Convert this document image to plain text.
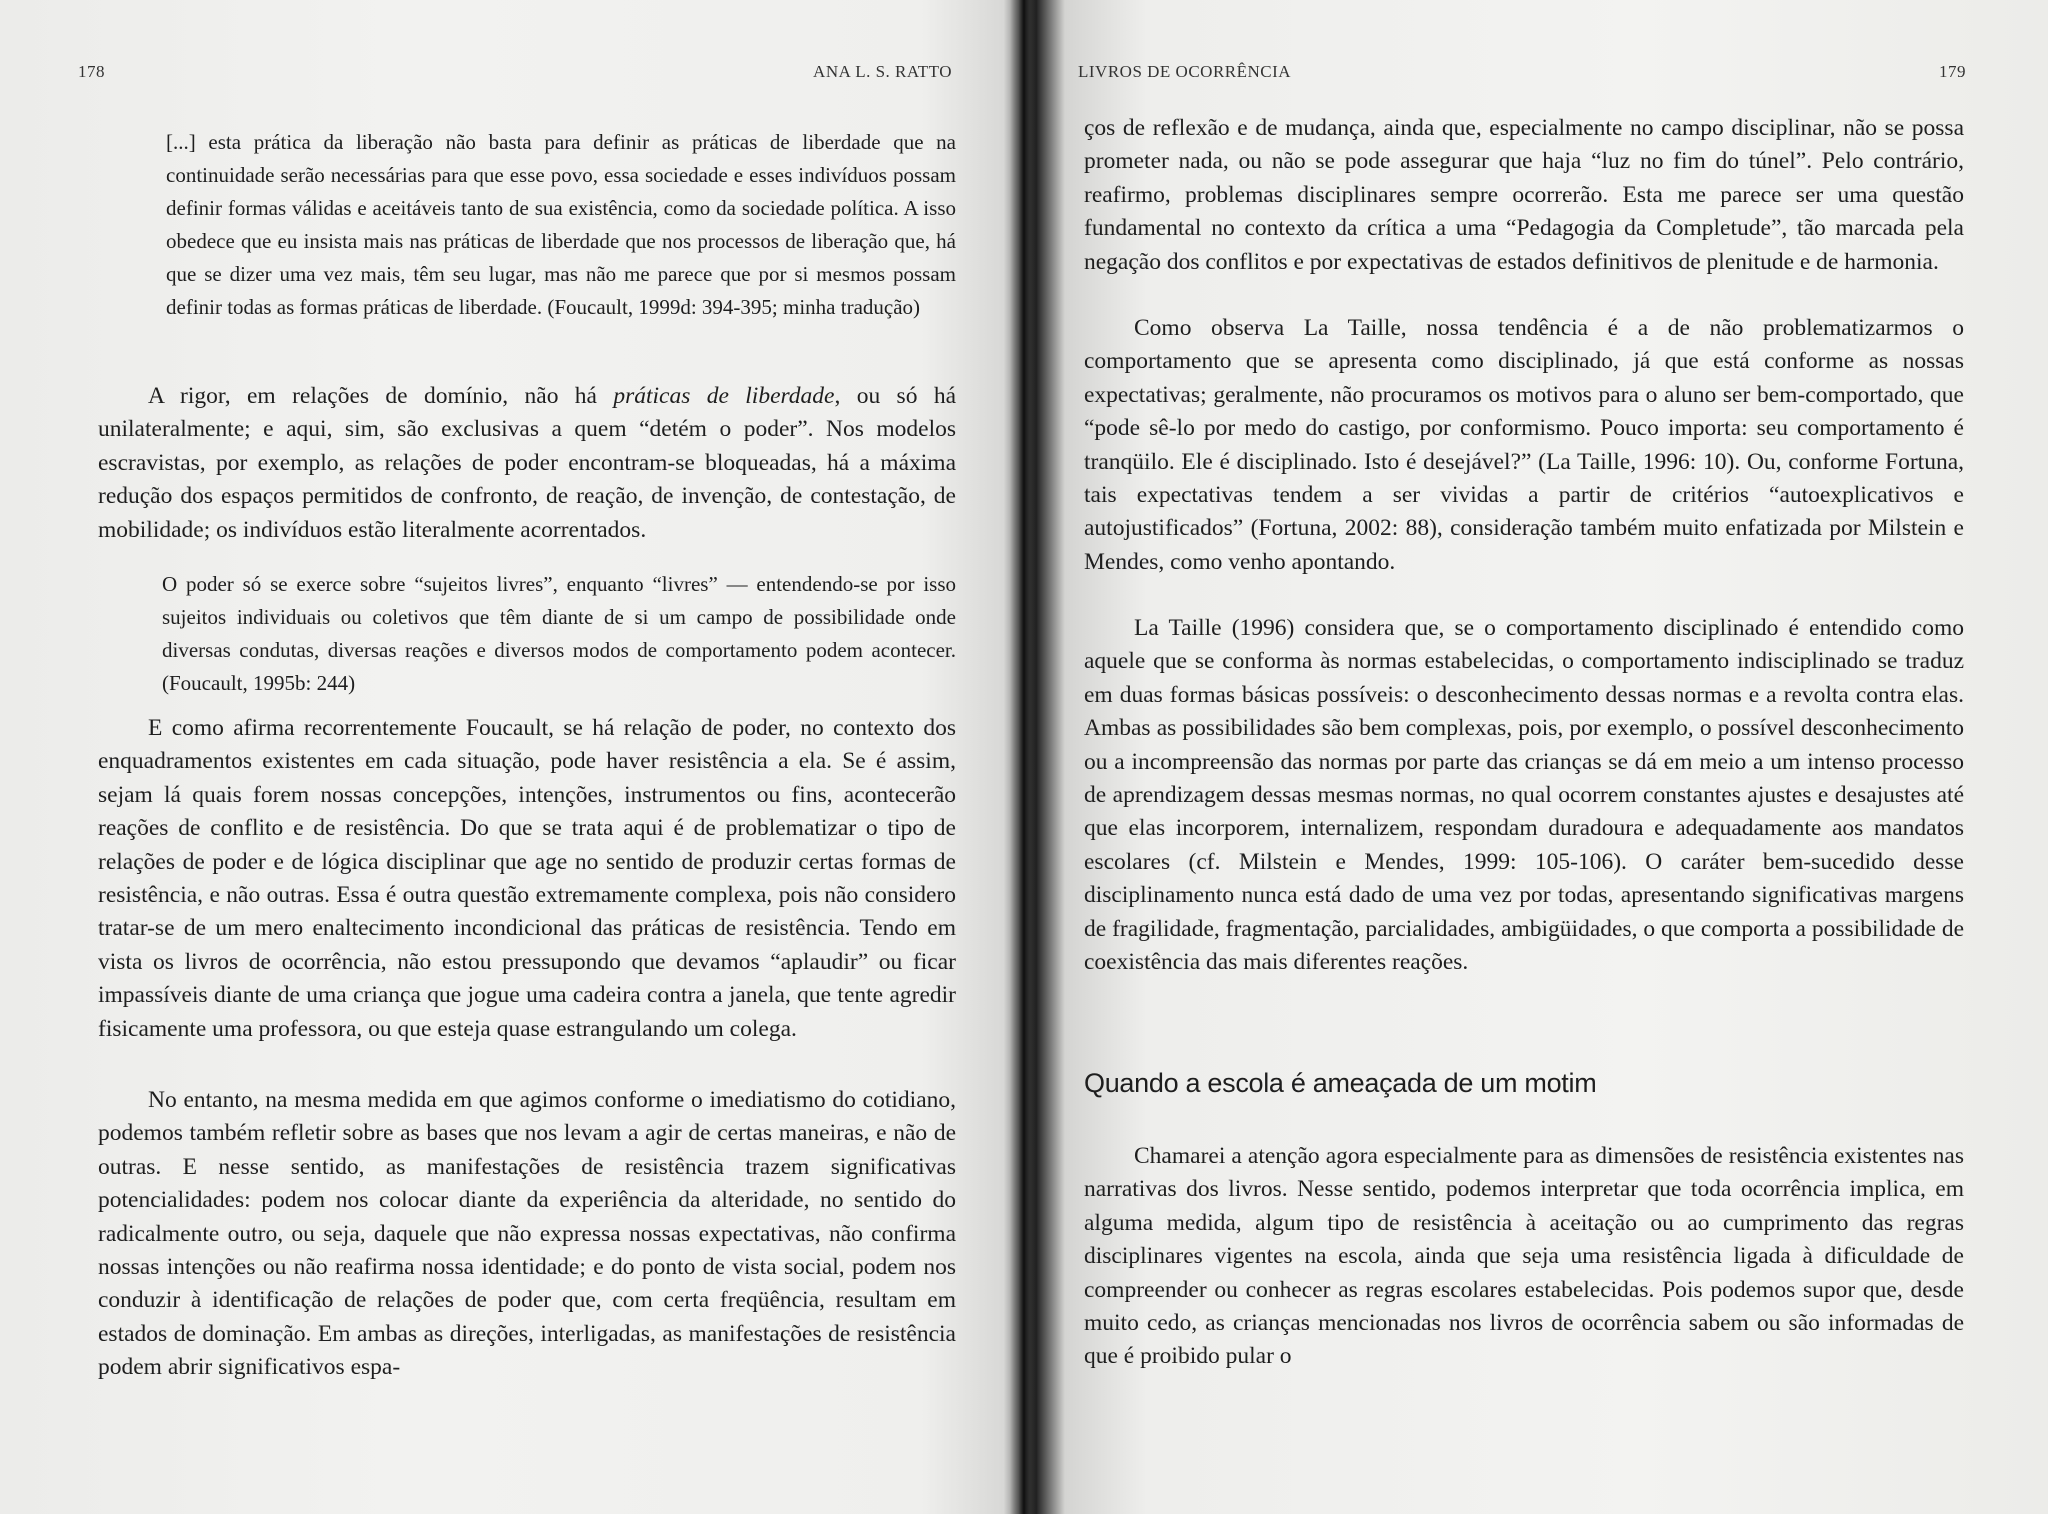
178	ANA L. S. RATTO

[...] esta prática da liberação não basta para definir as práticas de liberdade que na continuidade serão necessárias para que esse povo, essa sociedade e esses indivíduos possam definir formas válidas e aceitáveis tanto de sua existência, como da sociedade política. A isso obedece que eu insista mais nas práticas de liberdade que nos processos de liberação que, há que se dizer uma vez mais, têm seu lugar, mas não me parece que por si mesmos possam definir todas as formas práticas de liberdade. (Foucault, 1999d: 394-395; minha tradução)

A rigor, em relações de domínio, não há práticas de liberdade, ou só há unilateralmente; e aqui, sim, são exclusivas a quem “detém o poder”. Nos modelos escravistas, por exemplo, as relações de poder encontram-se bloqueadas, há a máxima redução dos espaços permitidos de confronto, de reação, de invenção, de contestação, de mobilidade; os indivíduos estão literalmente acorrentados.

O poder só se exerce sobre “sujeitos livres”, enquanto “livres” — entendendo-se por isso sujeitos individuais ou coletivos que têm diante de si um campo de possibilidade onde diversas condutas, diversas reações e diversos modos de comportamento podem acontecer. (Foucault, 1995b: 244)

E como afirma recorrentemente Foucault, se há relação de poder, no contexto dos enquadramentos existentes em cada situação, pode haver resistência a ela. Se é assim, sejam lá quais forem nossas concepções, intenções, instrumentos ou fins, acontecerão reações de conflito e de resistência. Do que se trata aqui é de problematizar o tipo de relações de poder e de lógica disciplinar que age no sentido de produzir certas formas de resistência, e não outras. Essa é outra questão extremamente complexa, pois não considero tratar-se de um mero enaltecimento incondicional das práticas de resistência. Tendo em vista os livros de ocorrência, não estou pressupondo que devamos “aplaudir” ou ficar impassíveis diante de uma criança que jogue uma cadeira contra a janela, que tente agredir fisicamente uma professora, ou que esteja quase estrangulando um colega.

No entanto, na mesma medida em que agimos conforme o imediatismo do cotidiano, podemos também refletir sobre as bases que nos levam a agir de certas maneiras, e não de outras. E nesse sentido, as manifestações de resistência trazem significativas potencialidades: podem nos colocar diante da experiência da alteridade, no sentido do radicalmente outro, ou seja, daquele que não expressa nossas expectativas, não confirma nossas intenções ou não reafirma nossa identidade; e do ponto de vista social, podem nos conduzir à identificação de relações de poder que, com certa freqüência, resultam em estados de dominação. Em ambas as direções, interligadas, as manifestações de resistência podem abrir significativos espa-

LIVROS DE OCORRÊNCIA	179

ços de reflexão e de mudança, ainda que, especialmente no campo disciplinar, não se possa prometer nada, ou não se pode assegurar que haja “luz no fim do túnel”. Pelo contrário, reafirmo, problemas disciplinares sempre ocorrerão. Esta me parece ser uma questão fundamental no contexto da crítica a uma “Pedagogia da Completude”, tão marcada pela negação dos conflitos e por expectativas de estados definitivos de plenitude e de harmonia.

Como observa La Taille, nossa tendência é a de não problematizarmos o comportamento que se apresenta como disciplinado, já que está conforme as nossas expectativas; geralmente, não procuramos os motivos para o aluno ser bem-comportado, que “pode sê-lo por medo do castigo, por conformismo. Pouco importa: seu comportamento é tranqüilo. Ele é disciplinado. Isto é desejável?” (La Taille, 1996: 10). Ou, conforme Fortuna, tais expectativas tendem a ser vividas a partir de critérios “autoexplicativos e autojustificados” (Fortuna, 2002: 88), consideração também muito enfatizada por Milstein e Mendes, como venho apontando.

La Taille (1996) considera que, se o comportamento disciplinado é entendido como aquele que se conforma às normas estabelecidas, o comportamento indisciplinado se traduz em duas formas básicas possíveis: o desconhecimento dessas normas e a revolta contra elas. Ambas as possibilidades são bem complexas, pois, por exemplo, o possível desconhecimento ou a incompreensão das normas por parte das crianças se dá em meio a um intenso processo de aprendizagem dessas mesmas normas, no qual ocorrem constantes ajustes e desajustes até que elas incorporem, internalizem, respondam duradoura e adequadamente aos mandatos escolares (cf. Milstein e Mendes, 1999: 105-106). O caráter bem-sucedido desse disciplinamento nunca está dado de uma vez por todas, apresentando significativas margens de fragilidade, fragmentação, parcialidades, ambigüidades, o que comporta a possibilidade de coexistência das mais diferentes reações.

Quando a escola é ameaçada de um motim

Chamarei a atenção agora especialmente para as dimensões de resistência existentes nas narrativas dos livros. Nesse sentido, podemos interpretar que toda ocorrência implica, em alguma medida, algum tipo de resistência à aceitação ou ao cumprimento das regras disciplinares vigentes na escola, ainda que seja uma resistência ligada à dificuldade de compreender ou conhecer as regras escolares estabelecidas. Pois podemos supor que, desde muito cedo, as crianças mencionadas nos livros de ocorrência sabem ou são informadas de que é proibido pular o
